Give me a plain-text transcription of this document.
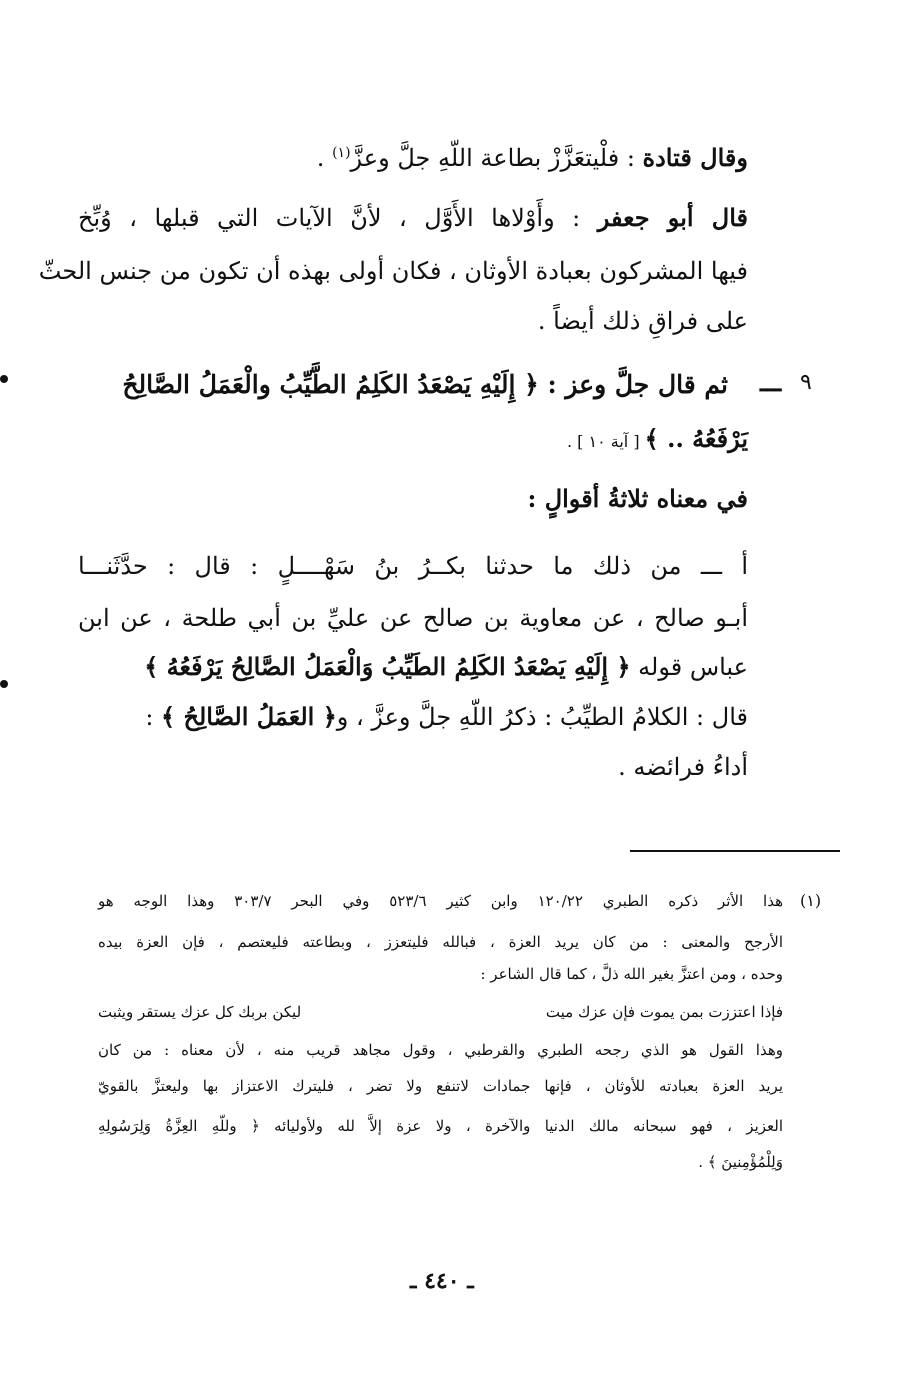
وقال قتادة : فلْيتعَزَّزْ بطاعة اللّهِ جلَّ وعزَّ$^{(١)}$ .
قال أبو جعفر : وأَوْلاها الأَوَّل ، لأنَّ الآيات التي قبلها ، وُبِّخ
فيها المشركون بعبادة الأوثان ، فكان أولى بهذه أن تكون من جنس الحثّ
على فراقِ ذلك أيضاً .
٩
ـــ
ثم قال جلَّ وعز : ﴿ إِلَيْهِ يَصْعَدُ الكَلِمُ الطَّيِّبُ والْعَمَلُ الصَّالِحُ
يَرْفَعُهُ .. ﴾ [ آية ١٠ ] .
في معناه ثلاثةُ أقوالٍ :
أ ـــ من ذلك ما حدثنا بكــرُ بنُ سَهْــــلٍ : قال : حدَّثَنـــا
أبـو صالح ، عن معاوية بن صالح عن عليِّ بن أبي طلحة ، عن ابن
عباس قوله ﴿ إِلَيْهِ يَصْعَدُ الكَلِمُ الطَيِّبُ وَالْعَمَلُ الصَّالِحُ يَرْفَعُهُ ﴾
قال : الكلامُ الطيِّبُ : ذكرُ اللّهِ جلَّ وعزَّ ، و﴿ العَمَلُ الصَّالِحُ ﴾ :
أداءُ فرائضه .
(١)
هذا الأثر ذكره الطبري ١٢٠/٢٢ وابن كثير ٥٢٣/٦ وفي البحر ٣٠٣/٧ وهذا الوجه هو
الأرجح والمعنى : من كان يريد العزة ، فبالله فليتعزز ، وبطاعته فليعتصم ، فإن العزة بيده
وحده ، ومن اعتزَّ بغير الله ذلَّ ، كما قال الشاعر :
فإذا اعتززت بمن يموت فإن عزك ميت
ليكن بربك كل عزك يستقر ويثبت
وهذا القول هو الذي رجحه الطبري والقرطبي ، وقول مجاهد قريب منه ، لأن معناه : من كان
يريد العزة بعبادته للأوثان ، فإنها جمادات لاتنفع ولا تضر ، فليترك الاعتزاز بها وليعتزَّ بالقويّ
العزيز ، فهو سبحانه مالك الدنيا والآخرة ، ولا عزة إلاَّ لله ولأوليائه ﴿ وللّهِ العِزَّةُ وَلِرَسُولِهِ
وَلِلْمُؤْمِنينَ ﴾ .
ـ ٤٤٠ ـ
